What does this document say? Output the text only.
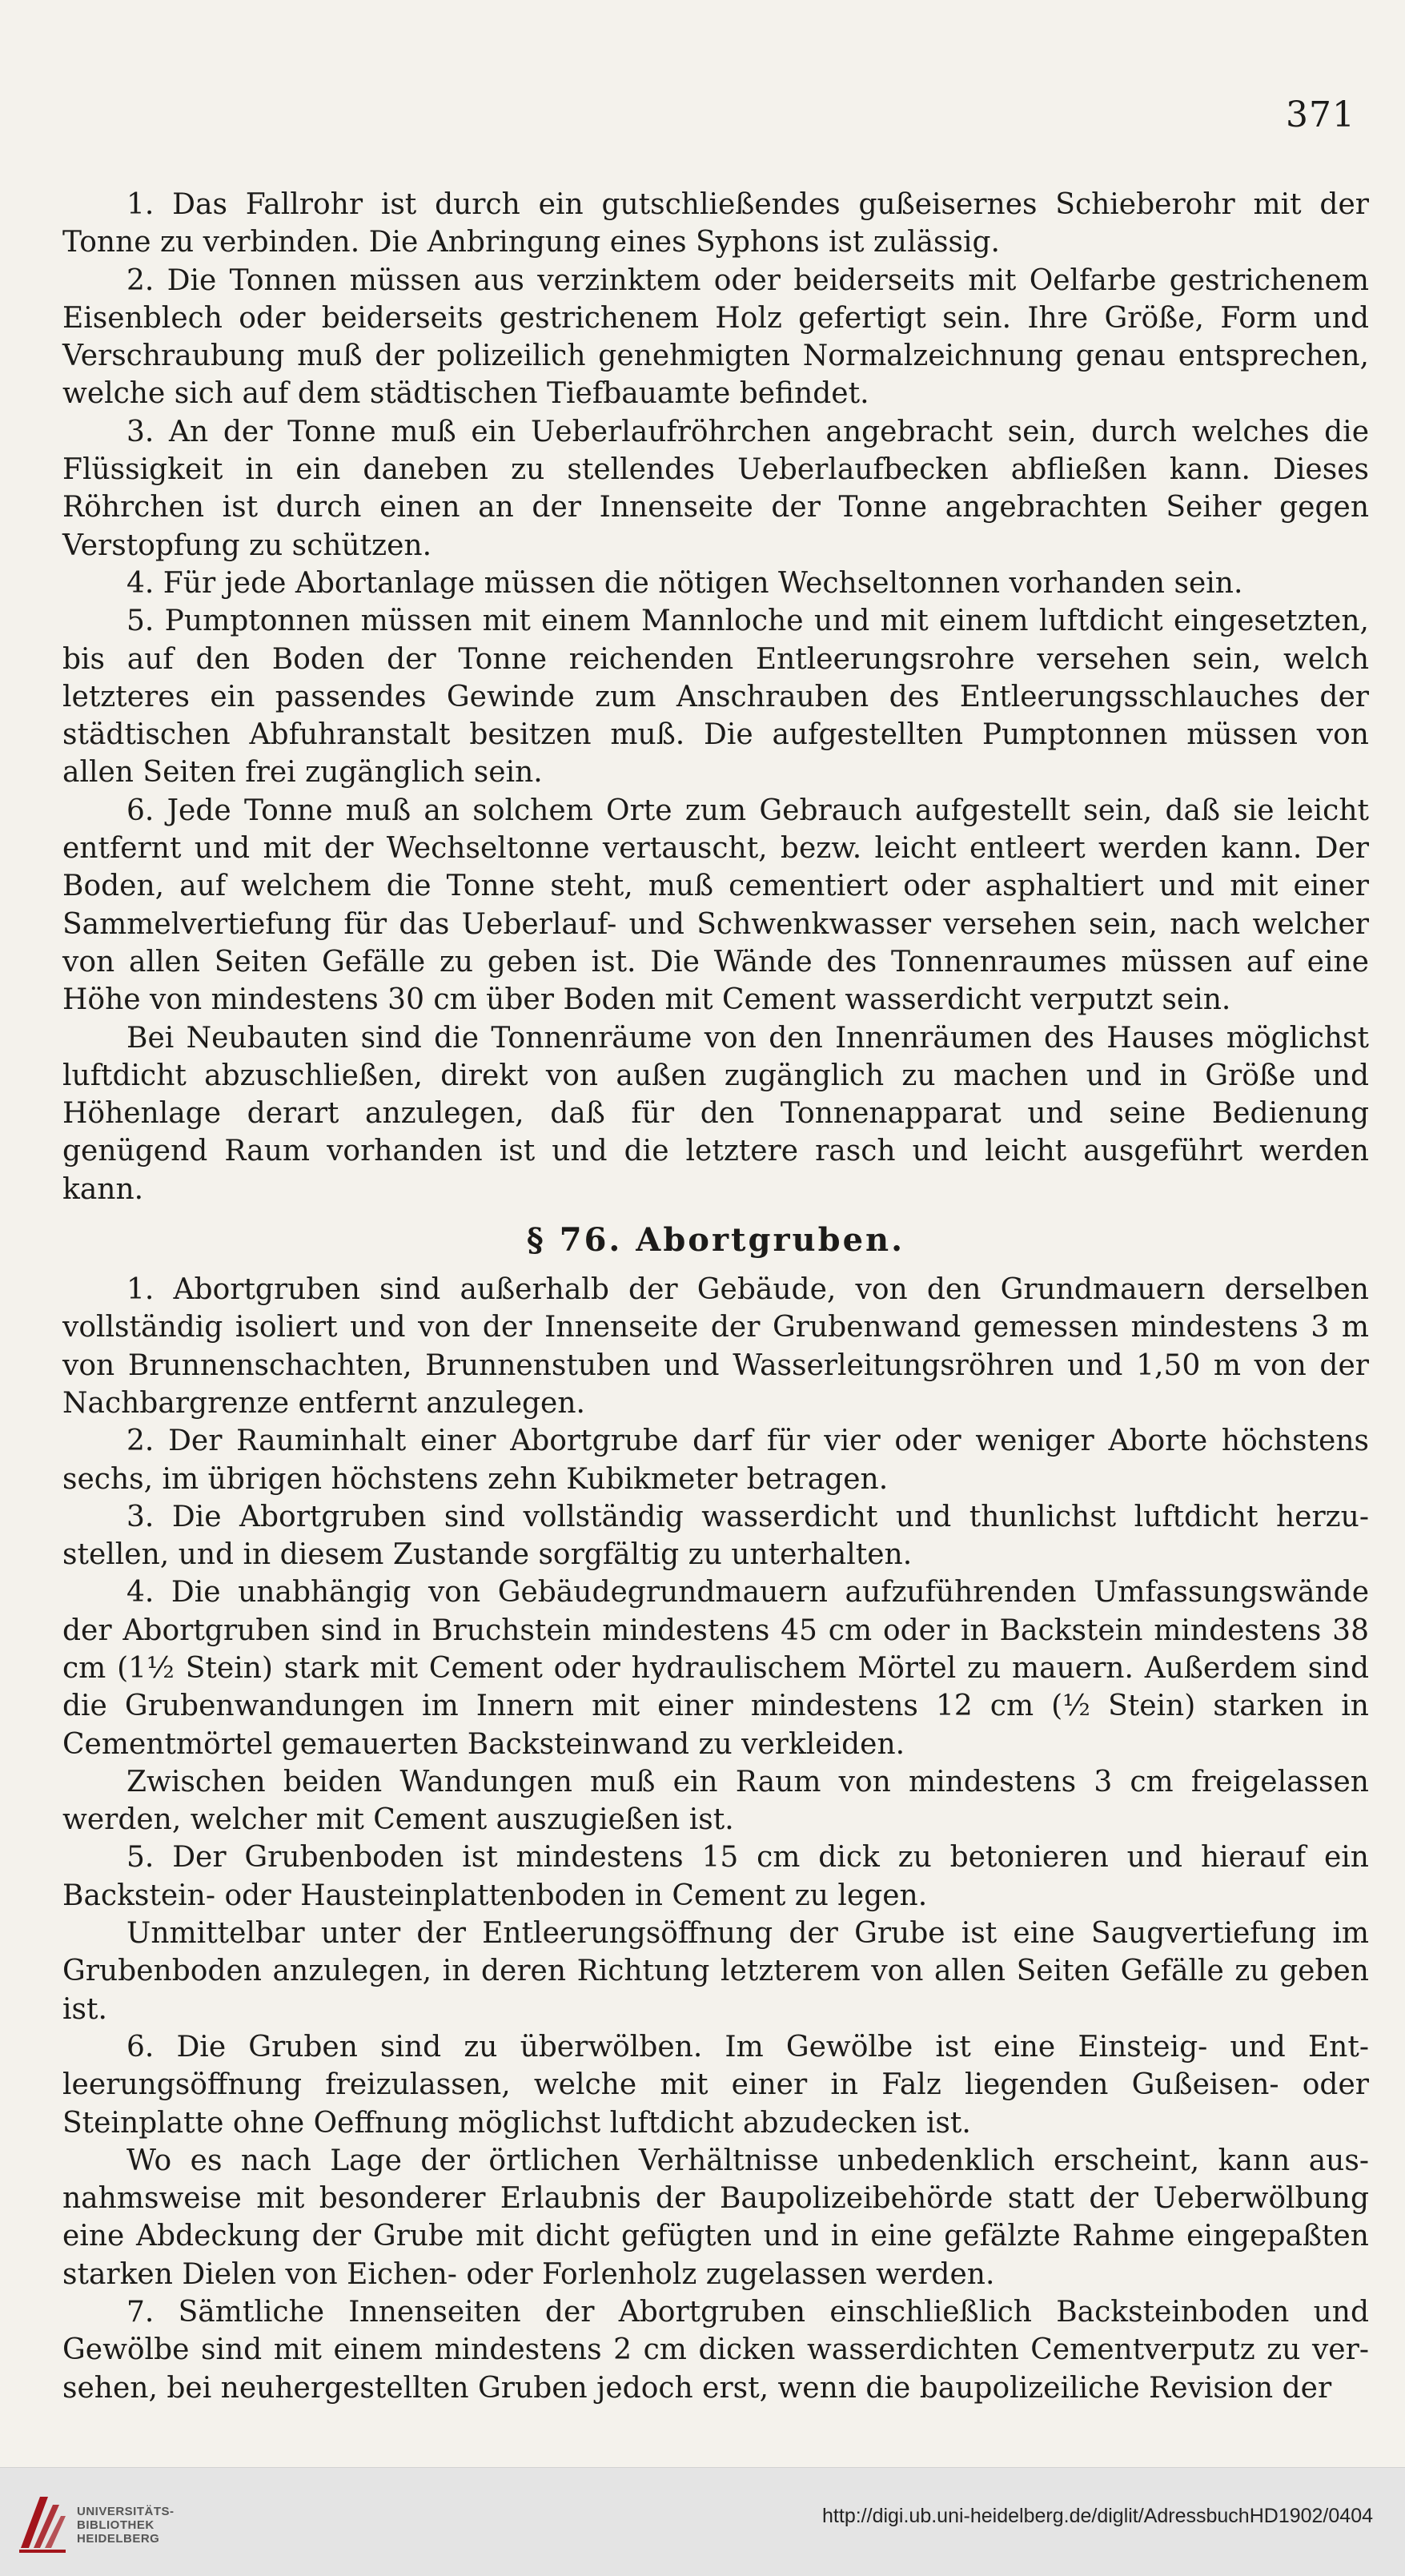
371

1. Das Fallrohr ist durch ein gutschließendes gußeisernes Schieberohr mit der Tonne zu verbinden. Die Anbringung eines Syphons ist zulässig.

2. Die Tonnen müssen aus verzinktem oder beiderseits mit Oelfarbe gestrichenem Eisenblech oder beiderseits gestrichenem Holz gefertigt sein. Ihre Größe, Form und Verschraubung muß der polizeilich genehmigten Normalzeichnung genau entsprechen, welche sich auf dem städtischen Tiefbauamte befindet.

3. An der Tonne muß ein Ueberlaufröhrchen angebracht sein, durch welches die Flüssigkeit in ein daneben zu stellendes Ueberlaufbecken abfließen kann. Dieses Röhrchen ist durch einen an der Innenseite der Tonne angebrachten Seiher gegen Verstopfung zu schützen.

4. Für jede Abortanlage müssen die nötigen Wechseltonnen vorhanden sein.

5. Pumptonnen müssen mit einem Mannloche und mit einem luftdicht eingesetzten, bis auf den Boden der Tonne reichenden Entleerungsrohre versehen sein, welch letzteres ein passendes Gewinde zum Anschrauben des Entleerungsschlauches der städtischen Abfuhranstalt besitzen muß. Die aufgestellten Pumptonnen müssen von allen Seiten frei zugänglich sein.

6. Jede Tonne muß an solchem Orte zum Gebrauch aufgestellt sein, daß sie leicht entfernt und mit der Wechseltonne vertauscht, bezw. leicht entleert werden kann. Der Boden, auf welchem die Tonne steht, muß cementiert oder asphaltiert und mit einer Sammelvertiefung für das Ueberlauf- und Schwenkwasser versehen sein, nach welcher von allen Seiten Gefälle zu geben ist. Die Wände des Tonnenraumes müssen auf eine Höhe von mindestens 30 cm über Boden mit Cement wasserdicht verputzt sein.

Bei Neubauten sind die Tonnenräume von den Innenräumen des Hauses möglichst luftdicht abzuschließen, direkt von außen zugänglich zu machen und in Größe und Höhenlage derart anzulegen, daß für den Tonnenapparat und seine Bedienung genügend Raum vorhanden ist und die letztere rasch und leicht ausgeführt werden kann.

§ 76. Abortgruben.

1. Abortgruben sind außerhalb der Gebäude, von den Grundmauern derselben vollständig isoliert und von der Innenseite der Grubenwand gemessen mindestens 3 m von Brunnenschachten, Brunnenstuben und Wasserleitungsröhren und 1,50 m von der Nachbargrenze entfernt anzulegen.

2. Der Rauminhalt einer Abortgrube darf für vier oder weniger Aborte höchstens sechs, im übrigen höchstens zehn Kubikmeter betragen.

3. Die Abortgruben sind vollständig wasserdicht und thunlichst luftdicht herzustellen, und in diesem Zustande sorgfältig zu unterhalten.

4. Die unabhängig von Gebäudegrundmauern aufzuführenden Umfassungswände der Abortgruben sind in Bruchstein mindestens 45 cm oder in Backstein mindestens 38 cm (1½ Stein) stark mit Cement oder hydraulischem Mörtel zu mauern. Außerdem sind die Grubenwandungen im Innern mit einer mindestens 12 cm (½ Stein) starken in Cementmörtel gemauerten Backsteinwand zu verkleiden.

Zwischen beiden Wandungen muß ein Raum von mindestens 3 cm freigelassen werden, welcher mit Cement auszugießen ist.

5. Der Grubenboden ist mindestens 15 cm dick zu betonieren und hierauf ein Backstein- oder Hausteinplattenboden in Cement zu legen.

Unmittelbar unter der Entleerungsöffnung der Grube ist eine Saugvertiefung im Grubenboden anzulegen, in deren Richtung letzterem von allen Seiten Gefälle zu geben ist.

6. Die Gruben sind zu überwölben. Im Gewölbe ist eine Einsteig- und Entleerungsöffnung freizulassen, welche mit einer in Falz liegenden Gußeisen- oder Steinplatte ohne Oeffnung möglichst luftdicht abzudecken ist.

Wo es nach Lage der örtlichen Verhältnisse unbedenklich erscheint, kann ausnahmsweise mit besonderer Erlaubnis der Baupolizeibehörde statt der Ueberwölbung eine Abdeckung der Grube mit dicht gefügten und in eine gefälzte Rahme eingepaßten starken Dielen von Eichen- oder Forlenholz zugelassen werden.

7. Sämtliche Innenseiten der Abortgruben einschließlich Backsteinboden und Gewölbe sind mit einem mindestens 2 cm dicken wasserdichten Cementverputz zu versehen, bei neuhergestellten Gruben jedoch erst, wenn die baupolizeiliche Revision der

UNIVERSITÄTS-
BIBLIOTHEK
HEIDELBERG
http://digi.ub.uni-heidelberg.de/diglit/AdressbuchHD1902/0404
